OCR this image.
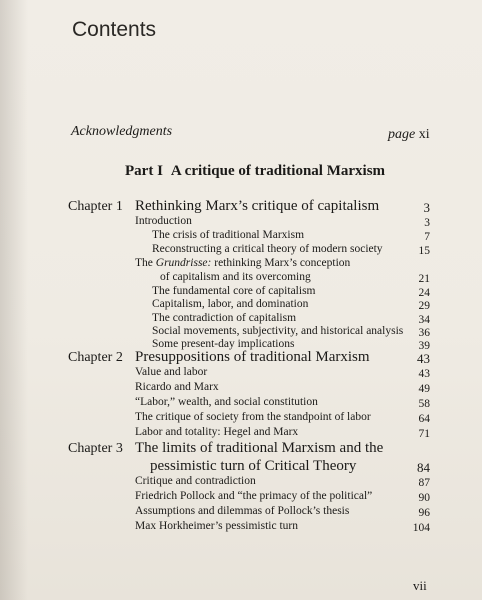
Contents
Acknowledgments	page xi
Part I A critique of traditional Marxism
Chapter 1 Rethinking Marx’s critique of capitalism	3
Introduction	3
The crisis of traditional Marxism	7
Reconstructing a critical theory of modern society	15
The Grundrisse: rethinking Marx’s conception
of capitalism and its overcoming	21
The fundamental core of capitalism	24
Capitalism, labor, and domination	29
The contradiction of capitalism	34
Social movements, subjectivity, and historical analysis 36
Some present-day implications	39
Chapter 2 Presuppositions of traditional Marxism	43
Value and labor	43
Ricardo and Marx	49
“Labor,” wealth, and social constitution	58
The critique of society from the standpoint of labor	64
Labor and totality: Hegel and Marx	71
Chapter 3 The limits of traditional Marxism and the
pessimistic turn of Critical Theory	84
Critique and contradiction	87
Friedrich Pollock and “the primacy of the political”	90
Assumptions and dilemmas of Pollock’s thesis	96
Max Horkheimer’s pessimistic turn	104
vii
